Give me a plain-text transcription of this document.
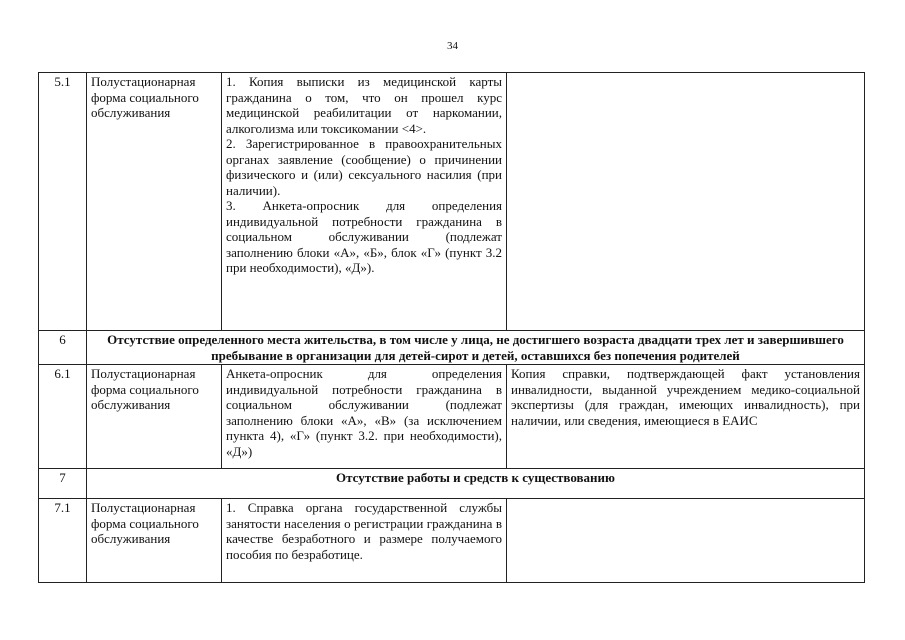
34
5.1	Полустационарная форма социального обслуживания	1. Копия выписки из медицинской карты гражданина о том, что он прошел курс медицинской реабилитации от наркомании, алкоголизма или токсикомании <4>.
2. Зарегистрированное в правоохранительных органах заявление (сообщение) о причинении физического и (или) сексуального насилия (при наличии).
3. Анкета-опросник для определения индивидуальной потребности гражданина в социальном обслуживании (подлежат заполнению блоки «А», «Б», блок «Г» (пункт 3.2 при необходимости), «Д»).	

6	Отсутствие определенного места жительства, в том числе у лица, не достигшего возраста двадцати трех лет и завершившего пребывание в организации для детей-сирот и детей, оставшихся без попечения родителей		
6.1	Полустационарная форма социального обслуживания	Анкета-опросник для определения индивидуальной потребности гражданина в социальном обслуживании (подлежат заполнению блоки «А», «В» (за исключением пункта 4), «Г» (пункт 3.2. при необходимости), «Д»)	Копия справки, подтверждающей факт установления инвалидности, выданной учреждением медико-социальной экспертизы (для граждан, имеющих инвалидность), при наличии, или сведения, имеющиеся в ЕАИС
7	Отсутствие работы и средств к существованию		
7.1	Полустационарная форма социального обслуживания	1. Справка органа государственной службы занятости населения о регистрации гражданина в качестве безработного и размере получаемого пособия по безработице.	
